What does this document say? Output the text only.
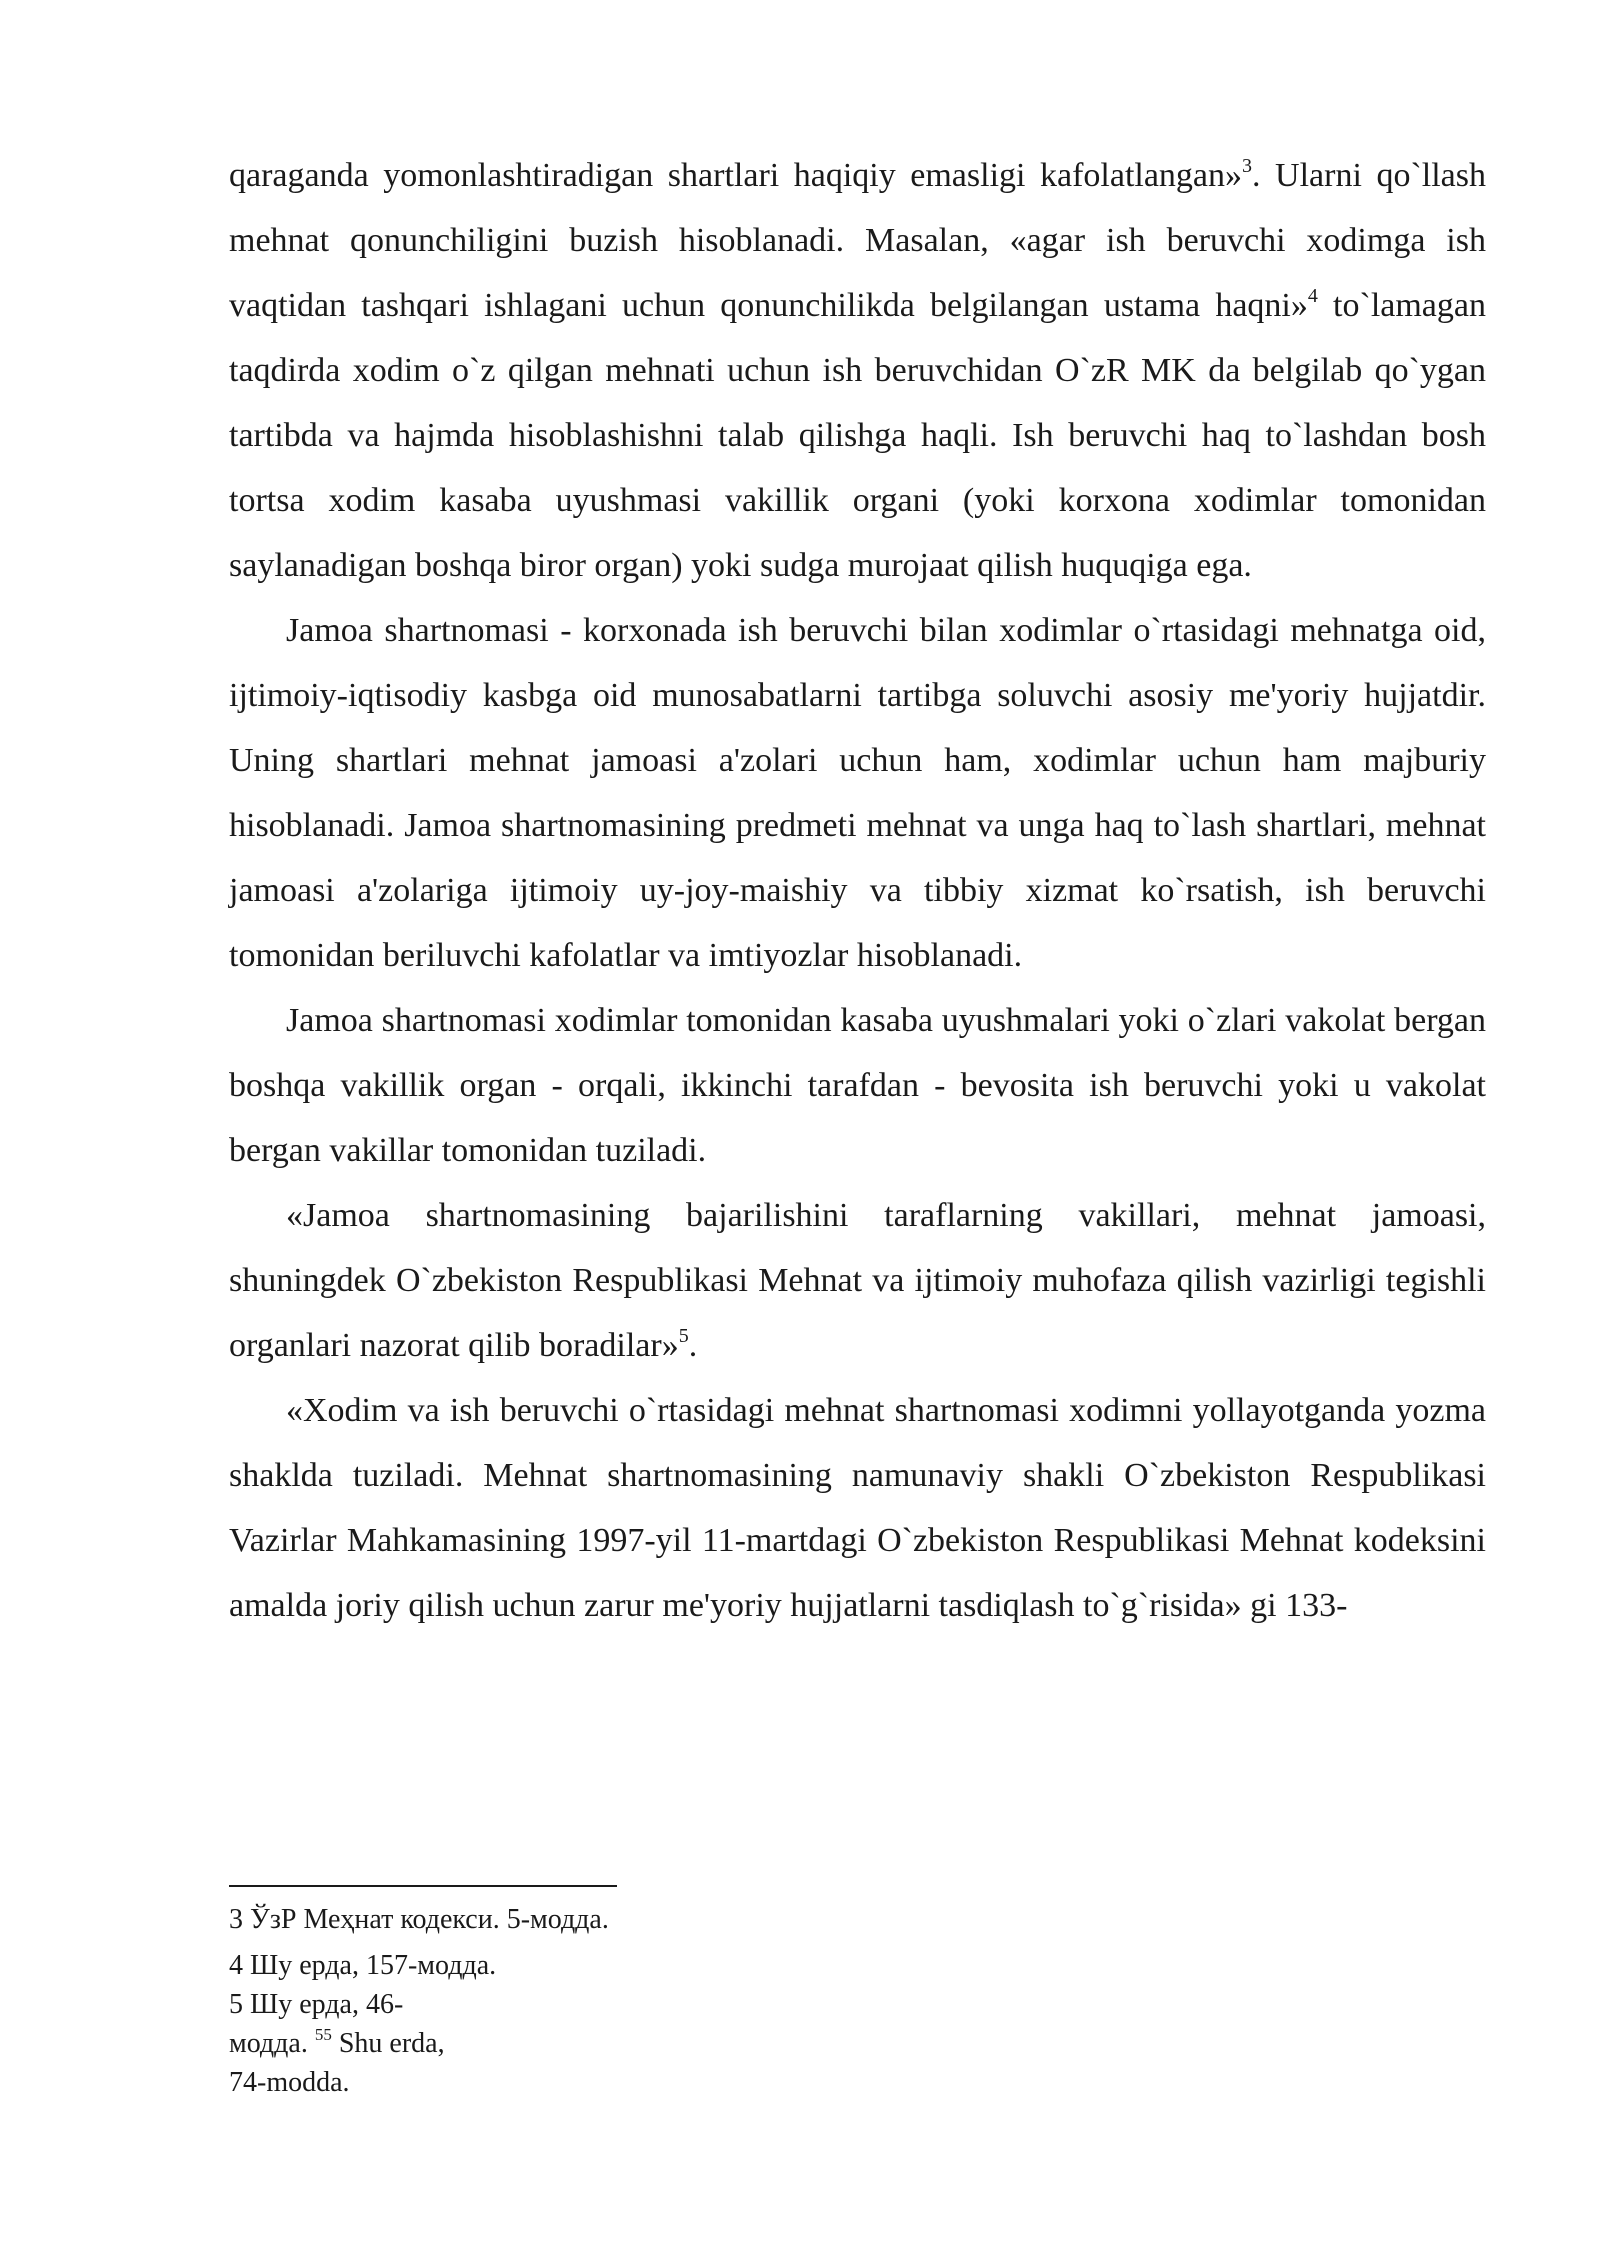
qaraganda yomonlashtiradigan shartlari haqiqiy emasligi kafolatlangan»$^3$. Ularni qo`llash mehnat qonunchiligini buzish hisoblanadi. Masalan, «agar ish beruvchi xodimga ish vaqtidan tashqari ishlagani uchun qonunchilikda belgilangan ustama haqni»$^4$ to`lamagan taqdirda xodim o`z qilgan mehnati uchun ish beruvchidan O`zR MK da belgilab qo`ygan tartibda va hajmda hisoblashishni talab qilishga haqli. Ish beruvchi haq to`lashdan bosh tortsa xodim kasaba uyushmasi vakillik organi (yoki korxona xodimlar tomonidan saylanadigan boshqa biror organ) yoki sudga murojaat qilish huquqiga ega.

Jamoa shartnomasi - korxonada ish beruvchi bilan xodimlar o`rtasidagi mehnatga oid, ijtimoiy-iqtisodiy kasbga oid munosabatlarni tartibga soluvchi asosiy me'yoriy hujjatdir. Uning shartlari mehnat jamoasi a'zolari uchun ham, xodimlar uchun ham majburiy hisoblanadi. Jamoa shartnomasining predmeti mehnat va unga haq to`lash shartlari, mehnat jamoasi a'zolariga ijtimoiy uy-joy-maishiy va tibbiy xizmat ko`rsatish, ish beruvchi tomonidan beriluvchi kafolatlar va imtiyozlar hisoblanadi.

Jamoa shartnomasi xodimlar tomonidan kasaba uyushmalari yoki o`zlari vakolat bergan boshqa vakillik organ - orqali, ikkinchi tarafdan - bevosita ish beruvchi yoki u vakolat bergan vakillar tomonidan tuziladi.

«Jamoa shartnomasining bajarilishini taraflarning vakillari, mehnat jamoasi, shuningdek O`zbekiston Respublikasi Mehnat va ijtimoiy muhofaza qilish vazirligi tegishli organlari nazorat qilib boradilar»$^5$.

«Xodim va ish beruvchi o`rtasidagi mehnat shartnomasi xodimni yollayotganda yozma shaklda tuziladi. Mehnat shartnomasining namunaviy shakli O`zbekiston Respublikasi Vazirlar Mahkamasining 1997-yil 11-martdagi O`zbekiston Respublikasi Mehnat kodeksini amalda joriy qilish uchun zarur me'yoriy hujjatlarni tasdiqlash to`g`risida» gi 133-

3 ЎзР Меҳнат кодекси. 5-модда.

4 Шу ерда, 157-модда.

5 Шу ерда, 46-

модда. $^{55}$ Shu erda,

74-modda.
